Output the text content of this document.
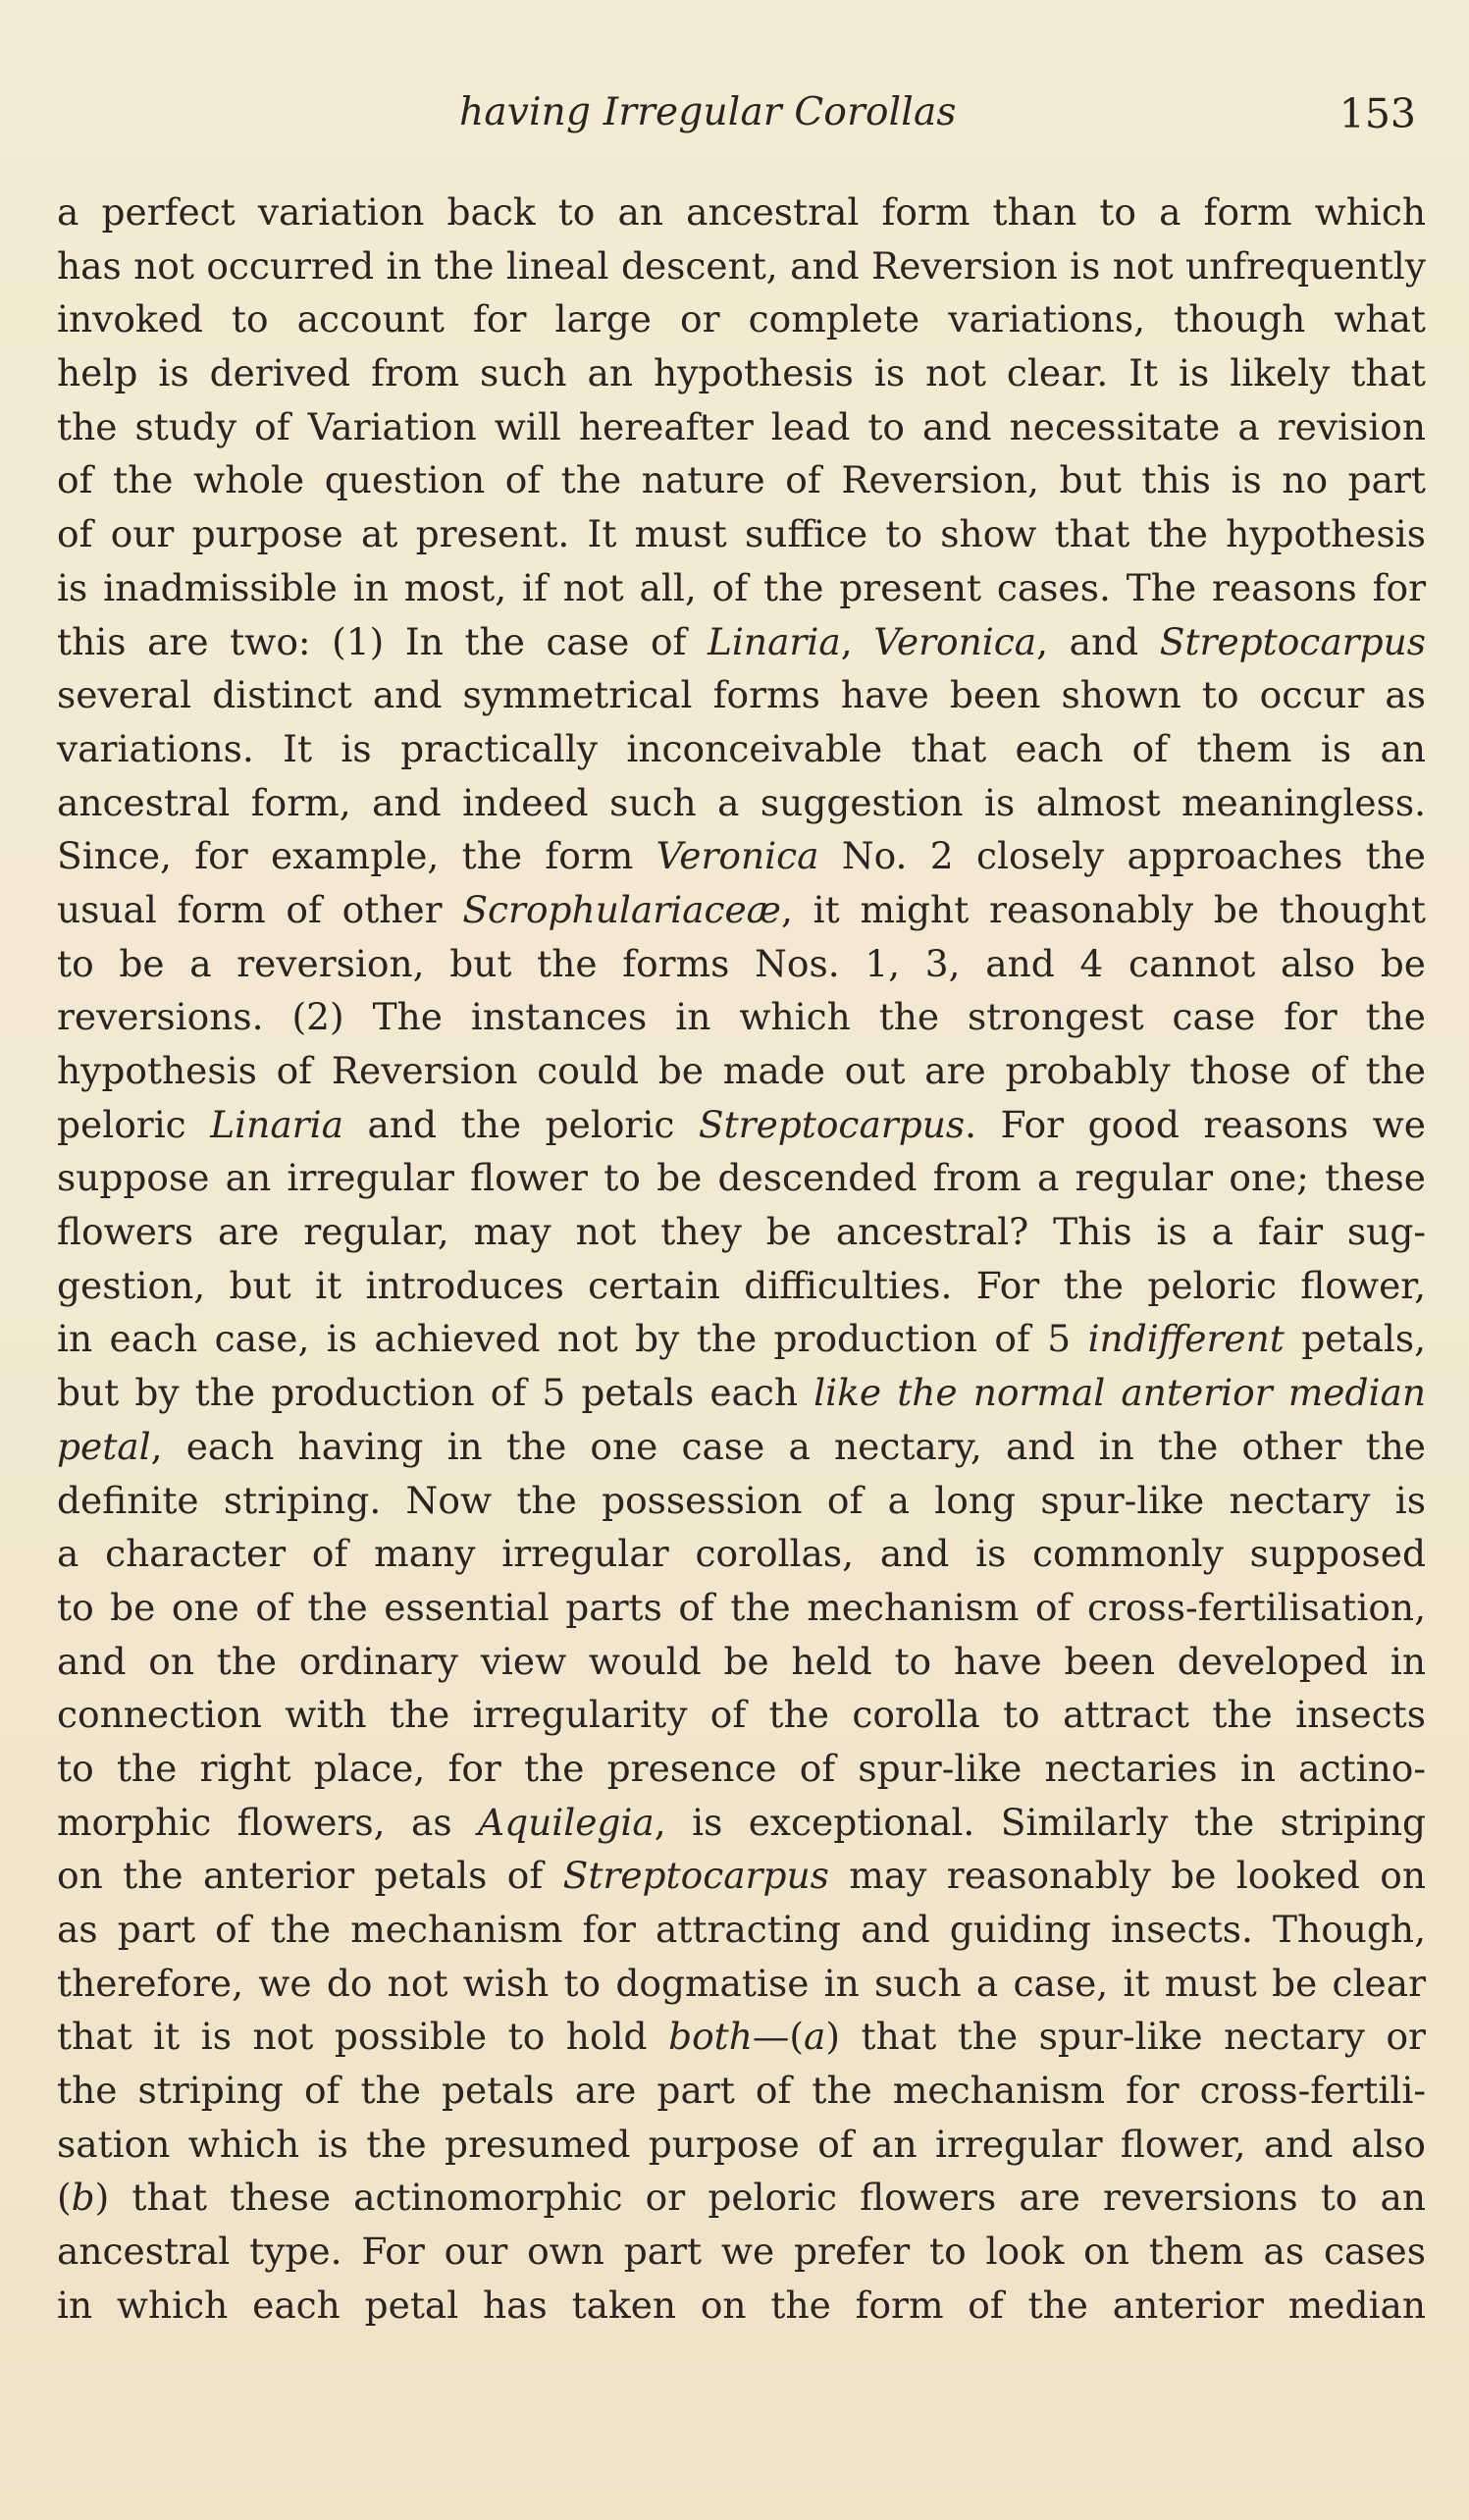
having Irregular Corollas	153
a perfect variation back to an ancestral form than to a form which
has not occurred in the lineal descent, and Reversion is not unfrequently
invoked to account for large or complete variations, though what
help is derived from such an hypothesis is not clear. It is likely that
the study of Variation will hereafter lead to and necessitate a revision
of the whole question of the nature of Reversion, but this is no part
of our purpose at present. It must suffice to show that the hypothesis
is inadmissible in most, if not all, of the present cases. The reasons for
this are two: (1) In the case of Linaria, Veronica, and Streptocarpus
several distinct and symmetrical forms have been shown to occur as
variations. It is practically inconceivable that each of them is an
ancestral form, and indeed such a suggestion is almost meaningless.
Since, for example, the form Veronica No. 2 closely approaches the
usual form of other Scrophulariaceæ, it might reasonably be thought
to be a reversion, but the forms Nos. 1, 3, and 4 cannot also be
reversions. (2) The instances in which the strongest case for the
hypothesis of Reversion could be made out are probably those of the
peloric Linaria and the peloric Streptocarpus. For good reasons we
suppose an irregular flower to be descended from a regular one; these
flowers are regular, may not they be ancestral? This is a fair sug-
gestion, but it introduces certain difficulties. For the peloric flower,
in each case, is achieved not by the production of 5 indifferent petals,
but by the production of 5 petals each like the normal anterior median
petal, each having in the one case a nectary, and in the other the
definite striping. Now the possession of a long spur-like nectary is
a character of many irregular corollas, and is commonly supposed
to be one of the essential parts of the mechanism of cross-fertilisation,
and on the ordinary view would be held to have been developed in
connection with the irregularity of the corolla to attract the insects
to the right place, for the presence of spur-like nectaries in actino-
morphic flowers, as Aquilegia, is exceptional. Similarly the striping
on the anterior petals of Streptocarpus may reasonably be looked on
as part of the mechanism for attracting and guiding insects. Though,
therefore, we do not wish to dogmatise in such a case, it must be clear
that it is not possible to hold both—(a) that the spur-like nectary or
the striping of the petals are part of the mechanism for cross-fertili-
sation which is the presumed purpose of an irregular flower, and also
(b) that these actinomorphic or peloric flowers are reversions to an
ancestral type. For our own part we prefer to look on them as cases
in which each petal has taken on the form of the anterior median
